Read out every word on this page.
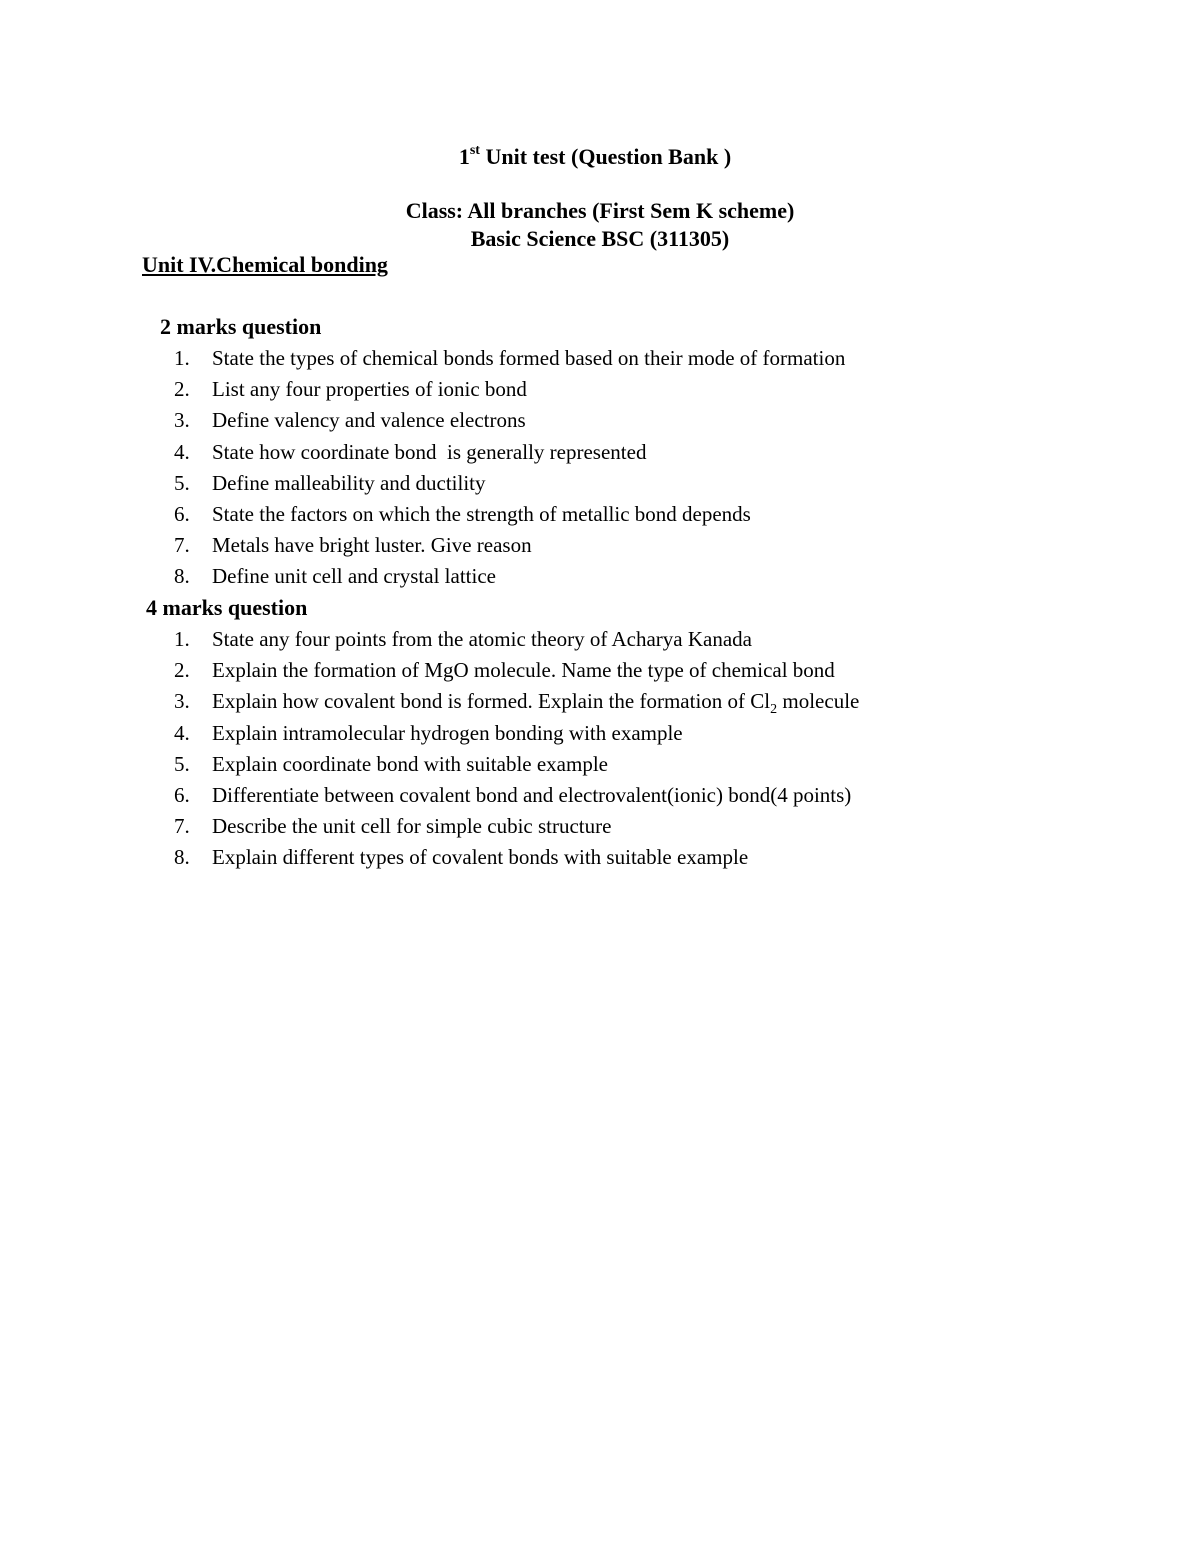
1st Unit test (Question Bank )

Class: All branches (First Sem K scheme)

Basic Science BSC (311305)

Unit IV.Chemical bonding

2 marks question

1. State the types of chemical bonds formed based on their mode of formation
2. List any four properties of ionic bond
3. Define valency and valence electrons
4. State how coordinate bond  is generally represented
5. Define malleability and ductility
6. State the factors on which the strength of metallic bond depends
7. Metals have bright luster. Give reason
8. Define unit cell and crystal lattice

4 marks question

1. State any four points from the atomic theory of Acharya Kanada
2. Explain the formation of MgO molecule. Name the type of chemical bond
3. Explain how covalent bond is formed. Explain the formation of $Cl_2$ molecule
4. Explain intramolecular hydrogen bonding with example
5. Explain coordinate bond with suitable example
6. Differentiate between covalent bond and electrovalent(ionic) bond(4 points)
7. Describe the unit cell for simple cubic structure
8. Explain different types of covalent bonds with suitable example
